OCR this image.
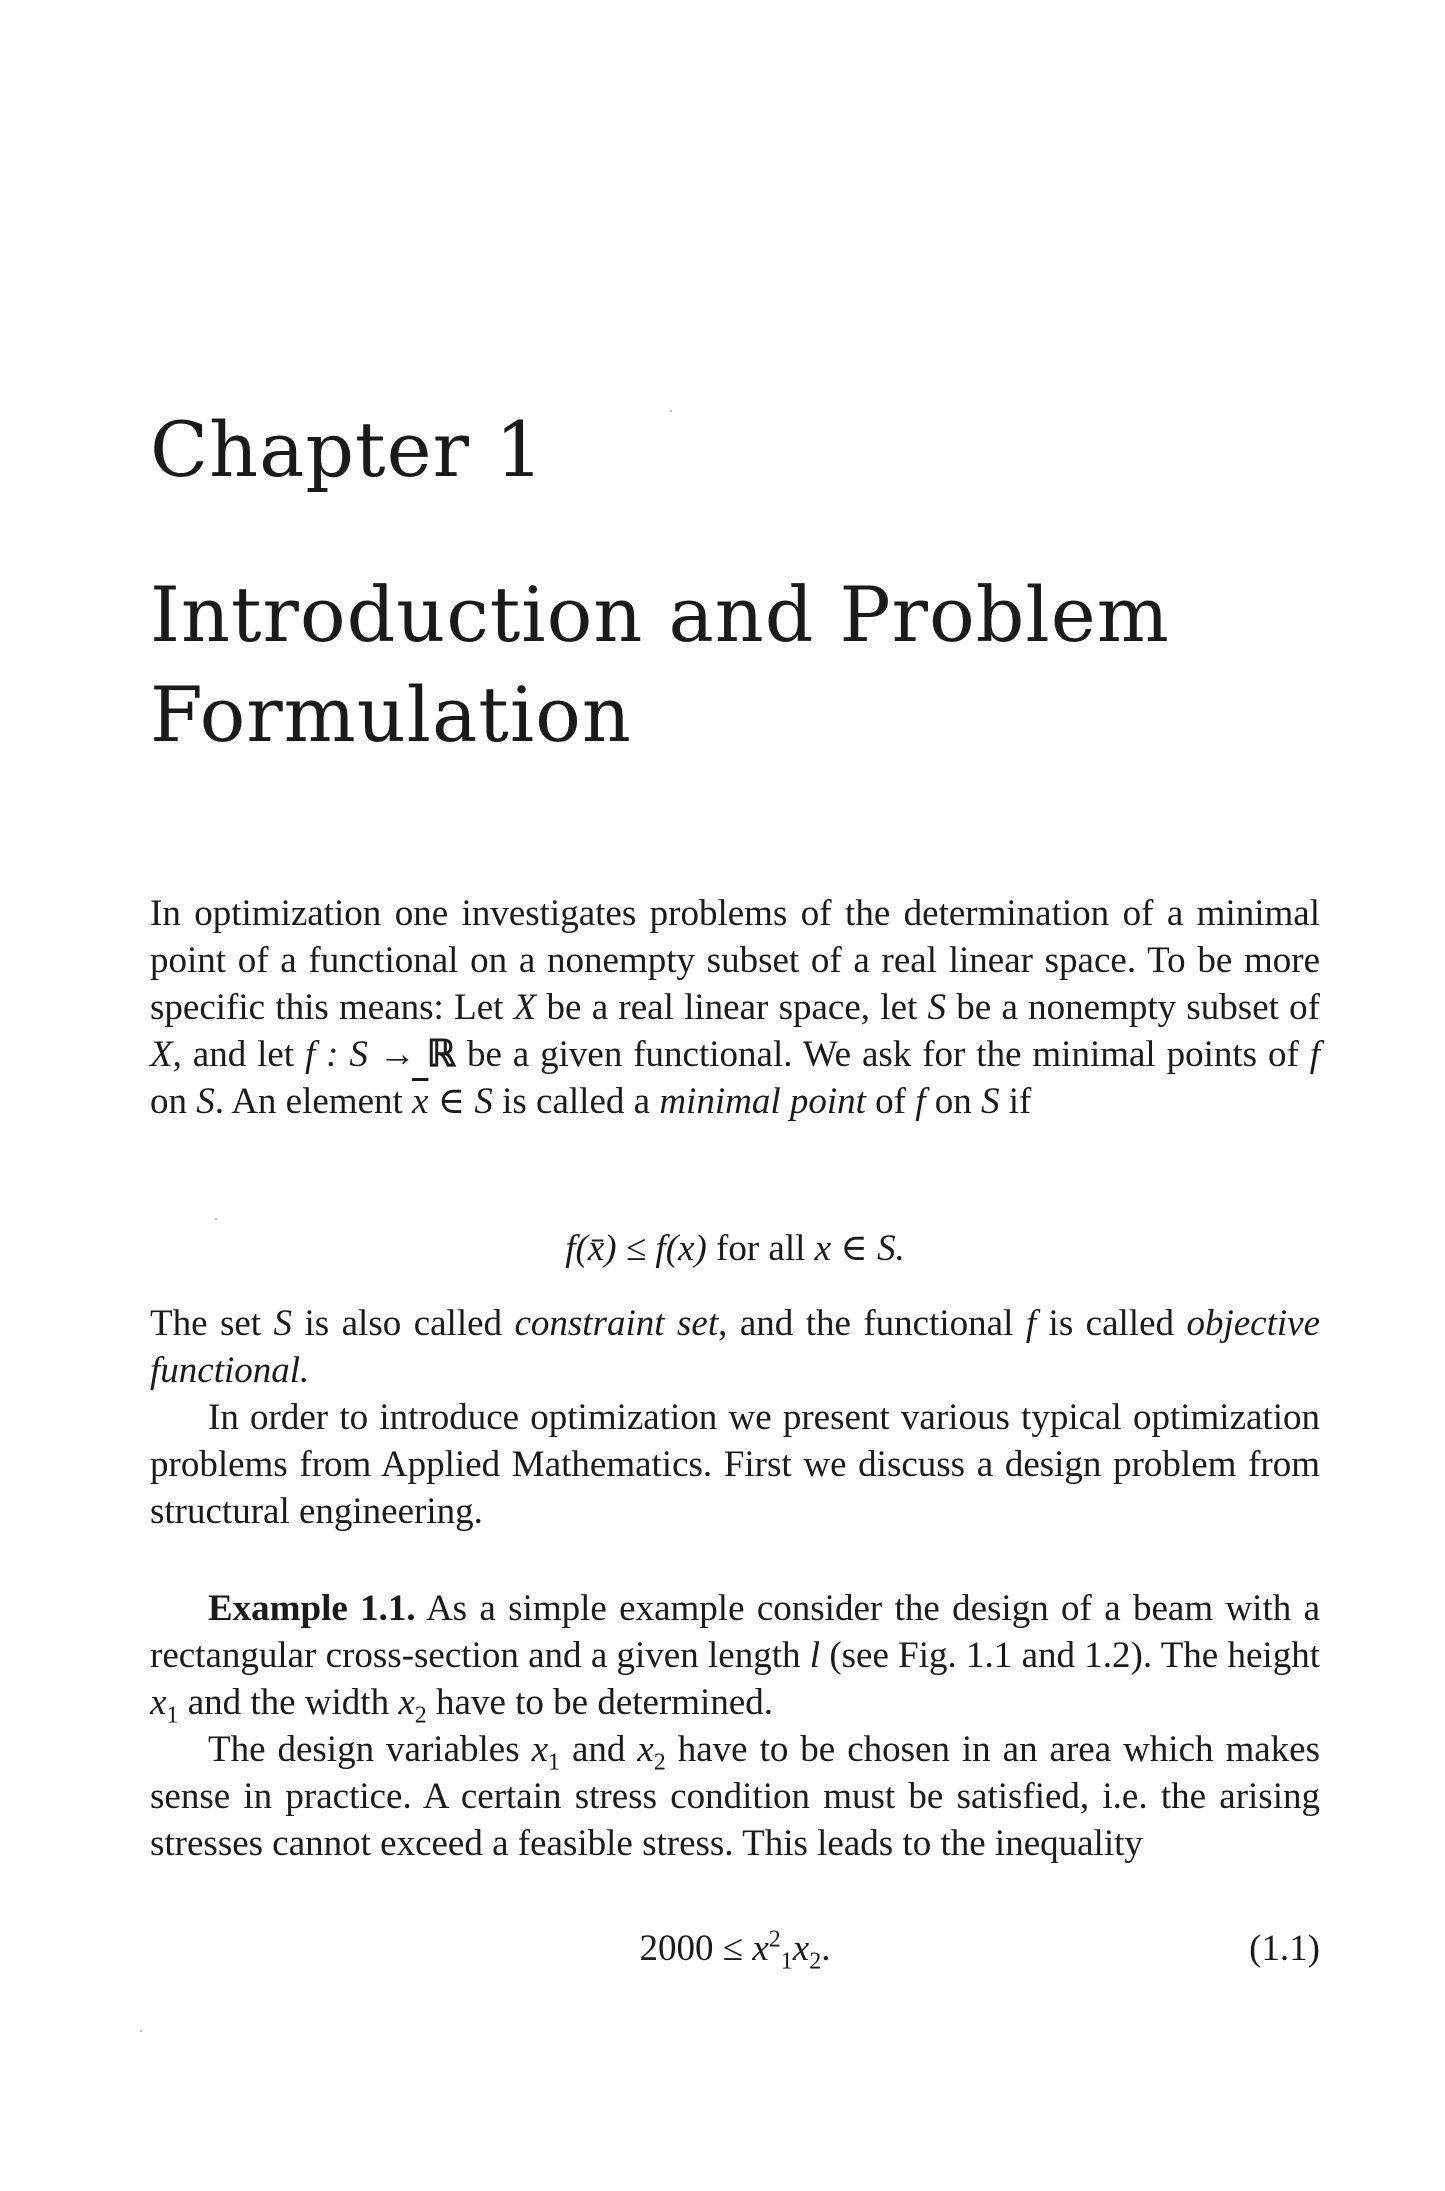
Chapter 1
Introduction and Problem
Formulation

In optimization one investigates problems of the determination of a minimal point of a functional on a nonempty subset of a real linear space. To be more specific this means: Let X be a real linear space, let S be a nonempty subset of X, and let f : S → ℝ be a given functional. We ask for the minimal points of f on S. An element $\overline{x}$ ∈ S is called a minimal point of f on S if

f(x̄) ≤ f(x) for all x ∈ S.

The set S is also called constraint set, and the functional f is called objective functional.

In order to introduce optimization we present various typical optimization problems from Applied Mathematics. First we discuss a design problem from structural engineering.

Example 1.1. As a simple example consider the design of a beam with a rectangular cross-section and a given length l (see Fig. 1.1 and 1.2). The height $x_1$ and the width $x_2$ have to be determined.

The design variables $x_1$ and $x_2$ have to be chosen in an area which makes sense in practice. A certain stress condition must be satisfied, i.e. the arising stresses cannot exceed a feasible stress. This leads to the inequality

$2000 \le x^2_1x_2$.	(1.1)
